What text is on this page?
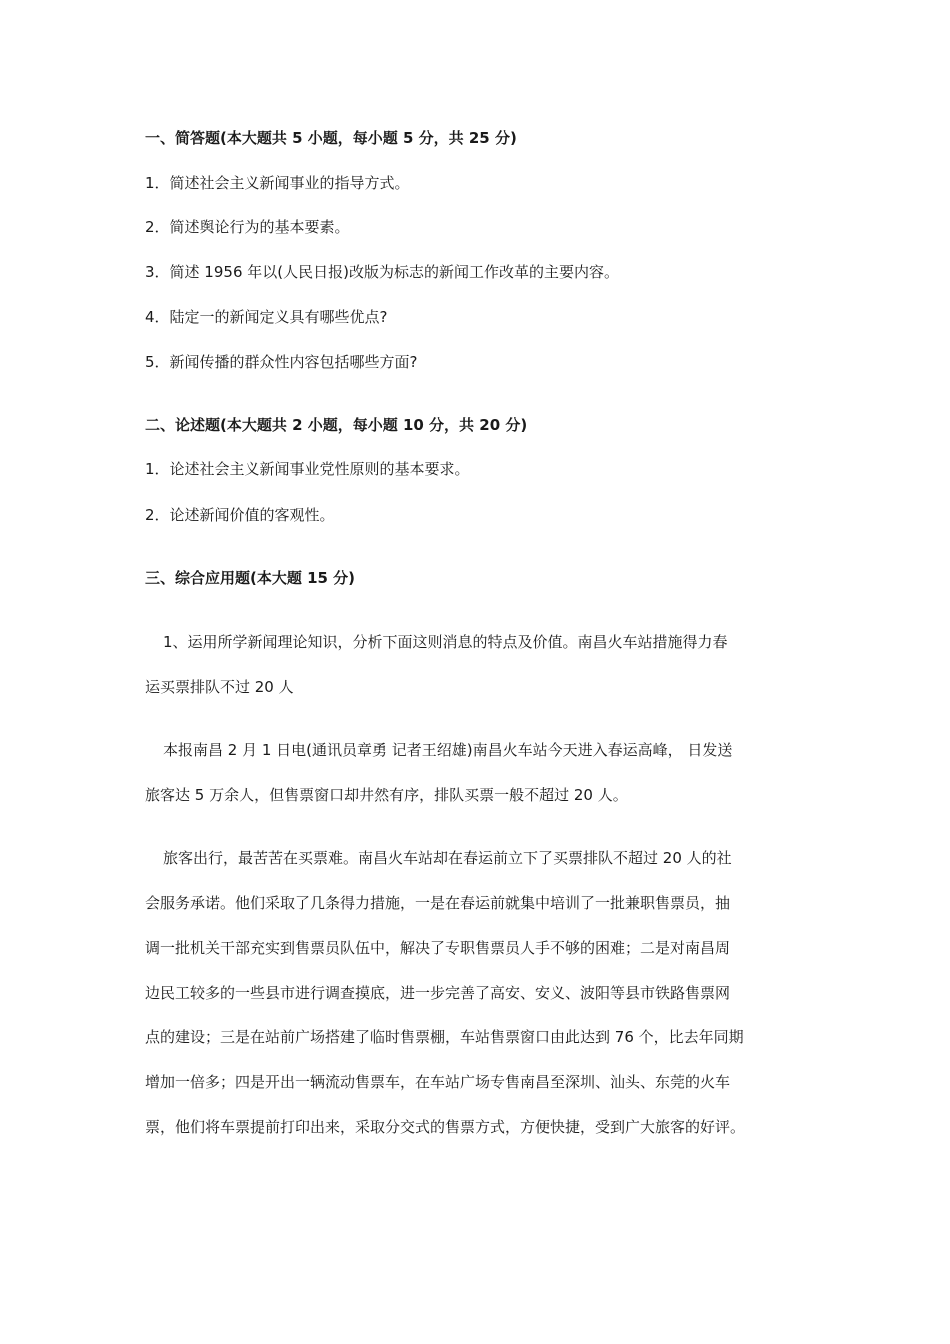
一、简答题(本大题共 5 小题，每小题 5 分，共 25 分)
1．简述社会主义新闻事业的指导方式。
2．简述舆论行为的基本要素。
3．简述 1956 年以(人民日报)改版为标志的新闻工作改革的主要内容。
4．陆定一的新闻定义具有哪些优点?
5．新闻传播的群众性内容包括哪些方面?
二、论述题(本大题共 2 小题，每小题 10 分，共 20 分)
1．论述社会主义新闻事业党性原则的基本要求。
2．论述新闻价值的客观性。
三、综合应用题(本大题 15 分)
1、运用所学新闻理论知识，分析下面这则消息的特点及价值。南昌火车站措施得力春
运买票排队不过 20 人
本报南昌 2 月 1 日电(通讯员章勇 记者王绍雄)南昌火车站今天进入春运高峰， 日发送
旅客达 5 万余人，但售票窗口却井然有序，排队买票一般不超过 20 人。
旅客出行，最苦苦在买票难。南昌火车站却在春运前立下了买票排队不超过 20 人的社
会服务承诺。他们采取了几条得力措施，一是在春运前就集中培训了一批兼职售票员，抽
调一批机关干部充实到售票员队伍中，解决了专职售票员人手不够的困难；二是对南昌周
边民工较多的一些县市进行调查摸底，进一步完善了高安、安义、波阳等县市铁路售票网
点的建设；三是在站前广场搭建了临时售票棚，车站售票窗口由此达到 76 个，比去年同期
增加一倍多；四是开出一辆流动售票车，在车站广场专售南昌至深圳、汕头、东莞的火车
票，他们将车票提前打印出来，采取分交式的售票方式，方便快捷，受到广大旅客的好评。
